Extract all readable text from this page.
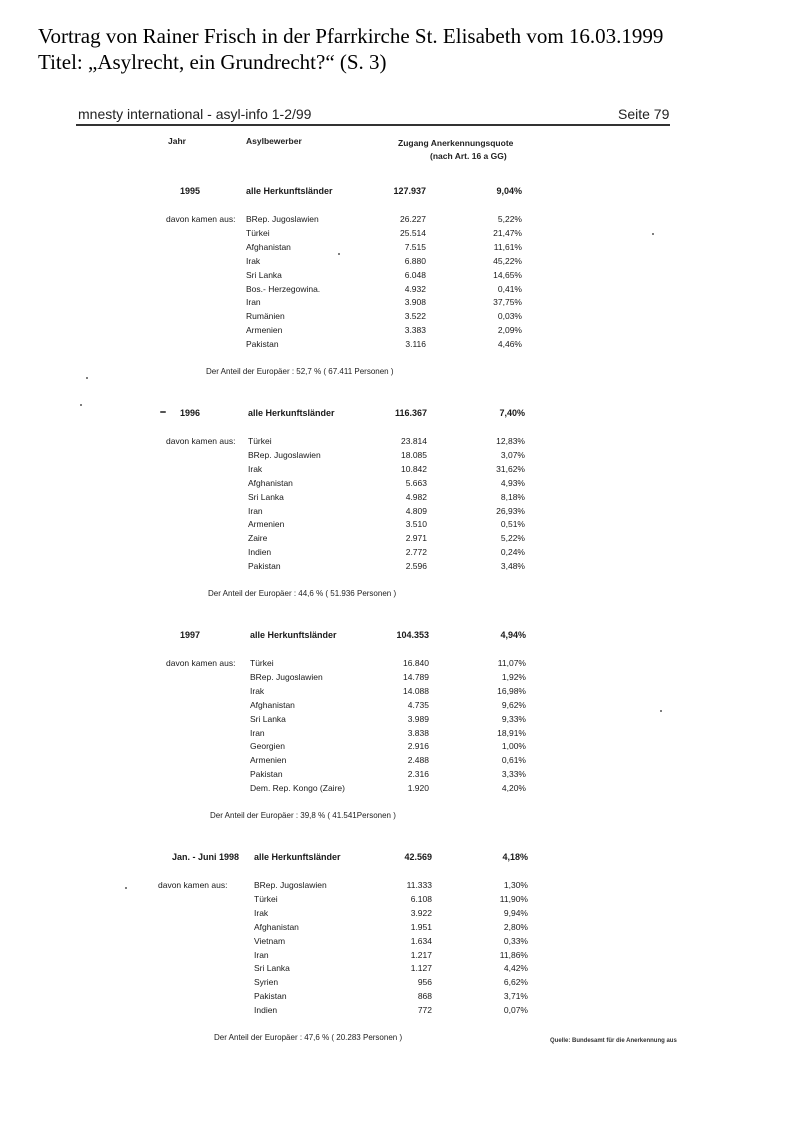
Vortrag von Rainer Frisch in der Pfarrkirche St. Elisabeth vom 16.03.1999
Titel: „Asylrecht, ein Grundrecht?“ (S. 3)
mnesty international - asyl-info 1-2/99	Seite 79
Jahr	Asylbewerber	Zugang Anerkennungsquote
(nach Art. 16 a GG)
1995	alle Herkunftsländer	127.937	9,04%
davon kamen aus: BRep. Jugoslawien	26.227	5,22%
Türkei	25.514	21,47%
Afghanistan	7.515	11,61%
Irak	6.880	45,22%
Sri Lanka	6.048	14,65%
Bos.- Herzegowina.	4.932	0,41%
Iran	3.908	37,75%
Rumänien	3.522	0,03%
Armenien	3.383	2,09%
Pakistan	3.116	4,46%
Der Anteil der Europäer : 52,7 % ( 67.411 Personen )
1996	alle Herkunftsländer	116.367	7,40%
davon kamen aus: Türkei	23.814	12,83%
BRep. Jugoslawien	18.085	3,07%
Irak	10.842	31,62%
Afghanistan	5.663	4,93%
Sri Lanka	4.982	8,18%
Iran	4.809	26,93%
Armenien	3.510	0,51%
Zaire	2.971	5,22%
Indien	2.772	0,24%
Pakistan	2.596	3,48%
Der Anteil der Europäer : 44,6 % ( 51.936 Personen )
1997	alle Herkunftsländer	104.353	4,94%
davon kamen aus: Türkei	16.840	11,07%
BRep. Jugoslawien	14.789	1,92%
Irak	14.088	16,98%
Afghanistan	4.735	9,62%
Sri Lanka	3.989	9,33%
Iran	3.838	18,91%
Georgien	2.916	1,00%
Armenien	2.488	0,61%
Pakistan	2.316	3,33%
Dem. Rep. Kongo (Zaire)	1.920	4,20%
Der Anteil der Europäer : 39,8 % ( 41.541Personen )
Jan. - Juni 1998 alle Herkunftsländer	42.569	4,18%
davon kamen aus:	BRep. Jugoslawien	11.333	1,30%
Türkei	6.108	11,90%
Irak	3.922	9,94%
Afghanistan	1.951	2,80%
Vietnam	1.634	0,33%
Iran	1.217	11,86%
Sri Lanka	1.127	4,42%
Syrien	956	6,62%
Pakistan	868	3,71%
Indien	772	0,07%
Der Anteil der Europäer : 47,6 % ( 20.283 Personen )	Quelle: Bundesamt für die Anerkennung aus
